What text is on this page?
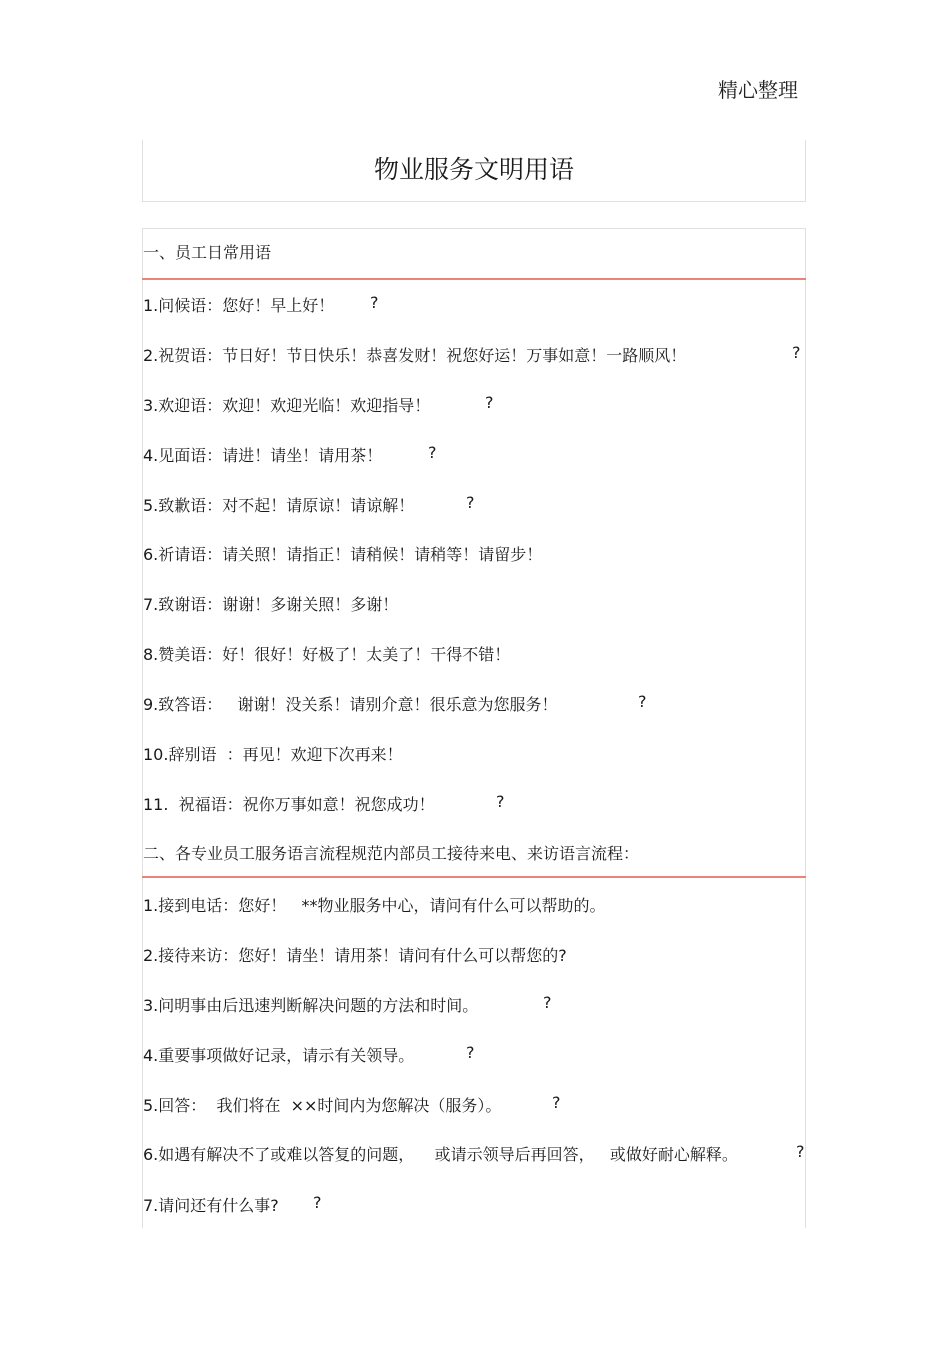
精心整理
物业服务文明用语
一、员工日常用语
1.问候语：您好！早上好！ ?
2.祝贺语：节日好！节日快乐！恭喜发财！祝您好运！万事如意！一路顺风！	?
3.欢迎语：欢迎！欢迎光临！欢迎指导！	?
4.见面语：请进！请坐！请用茶！	?
5.致歉语：对不起！请原谅！请谅解！	?
6.祈请语：请关照！请指正！请稍候！请稍等！请留步！
7.致谢语：谢谢！多谢关照！多谢！
8.赞美语：好！很好！好极了！太美了！干得不错！
9.致答语：   谢谢！没关系！请别介意！很乐意为您服务！	?
10.辞别语  ：再见！欢迎下次再来！
11.  祝福语：祝你万事如意！祝您成功！	?
二、各专业员工服务语言流程规范内部员工接待来电、来访语言流程：
1.接到电话：您好！   **物业服务中心，请问有什么可以帮助的。
2.接待来访：您好！请坐！请用茶！请问有什么可以帮您的?
3.问明事由后迅速判断解决问题的方法和时间。	?
4.重要事项做好记录，请示有关领导。	?
5.回答：  我们将在  ××时间内为您解决（服务）。	?
6.如遇有解决不了或难以答复的问题，    或请示领导后再回答，   或做好耐心解释。	?
7.请问还有什么事? ?
